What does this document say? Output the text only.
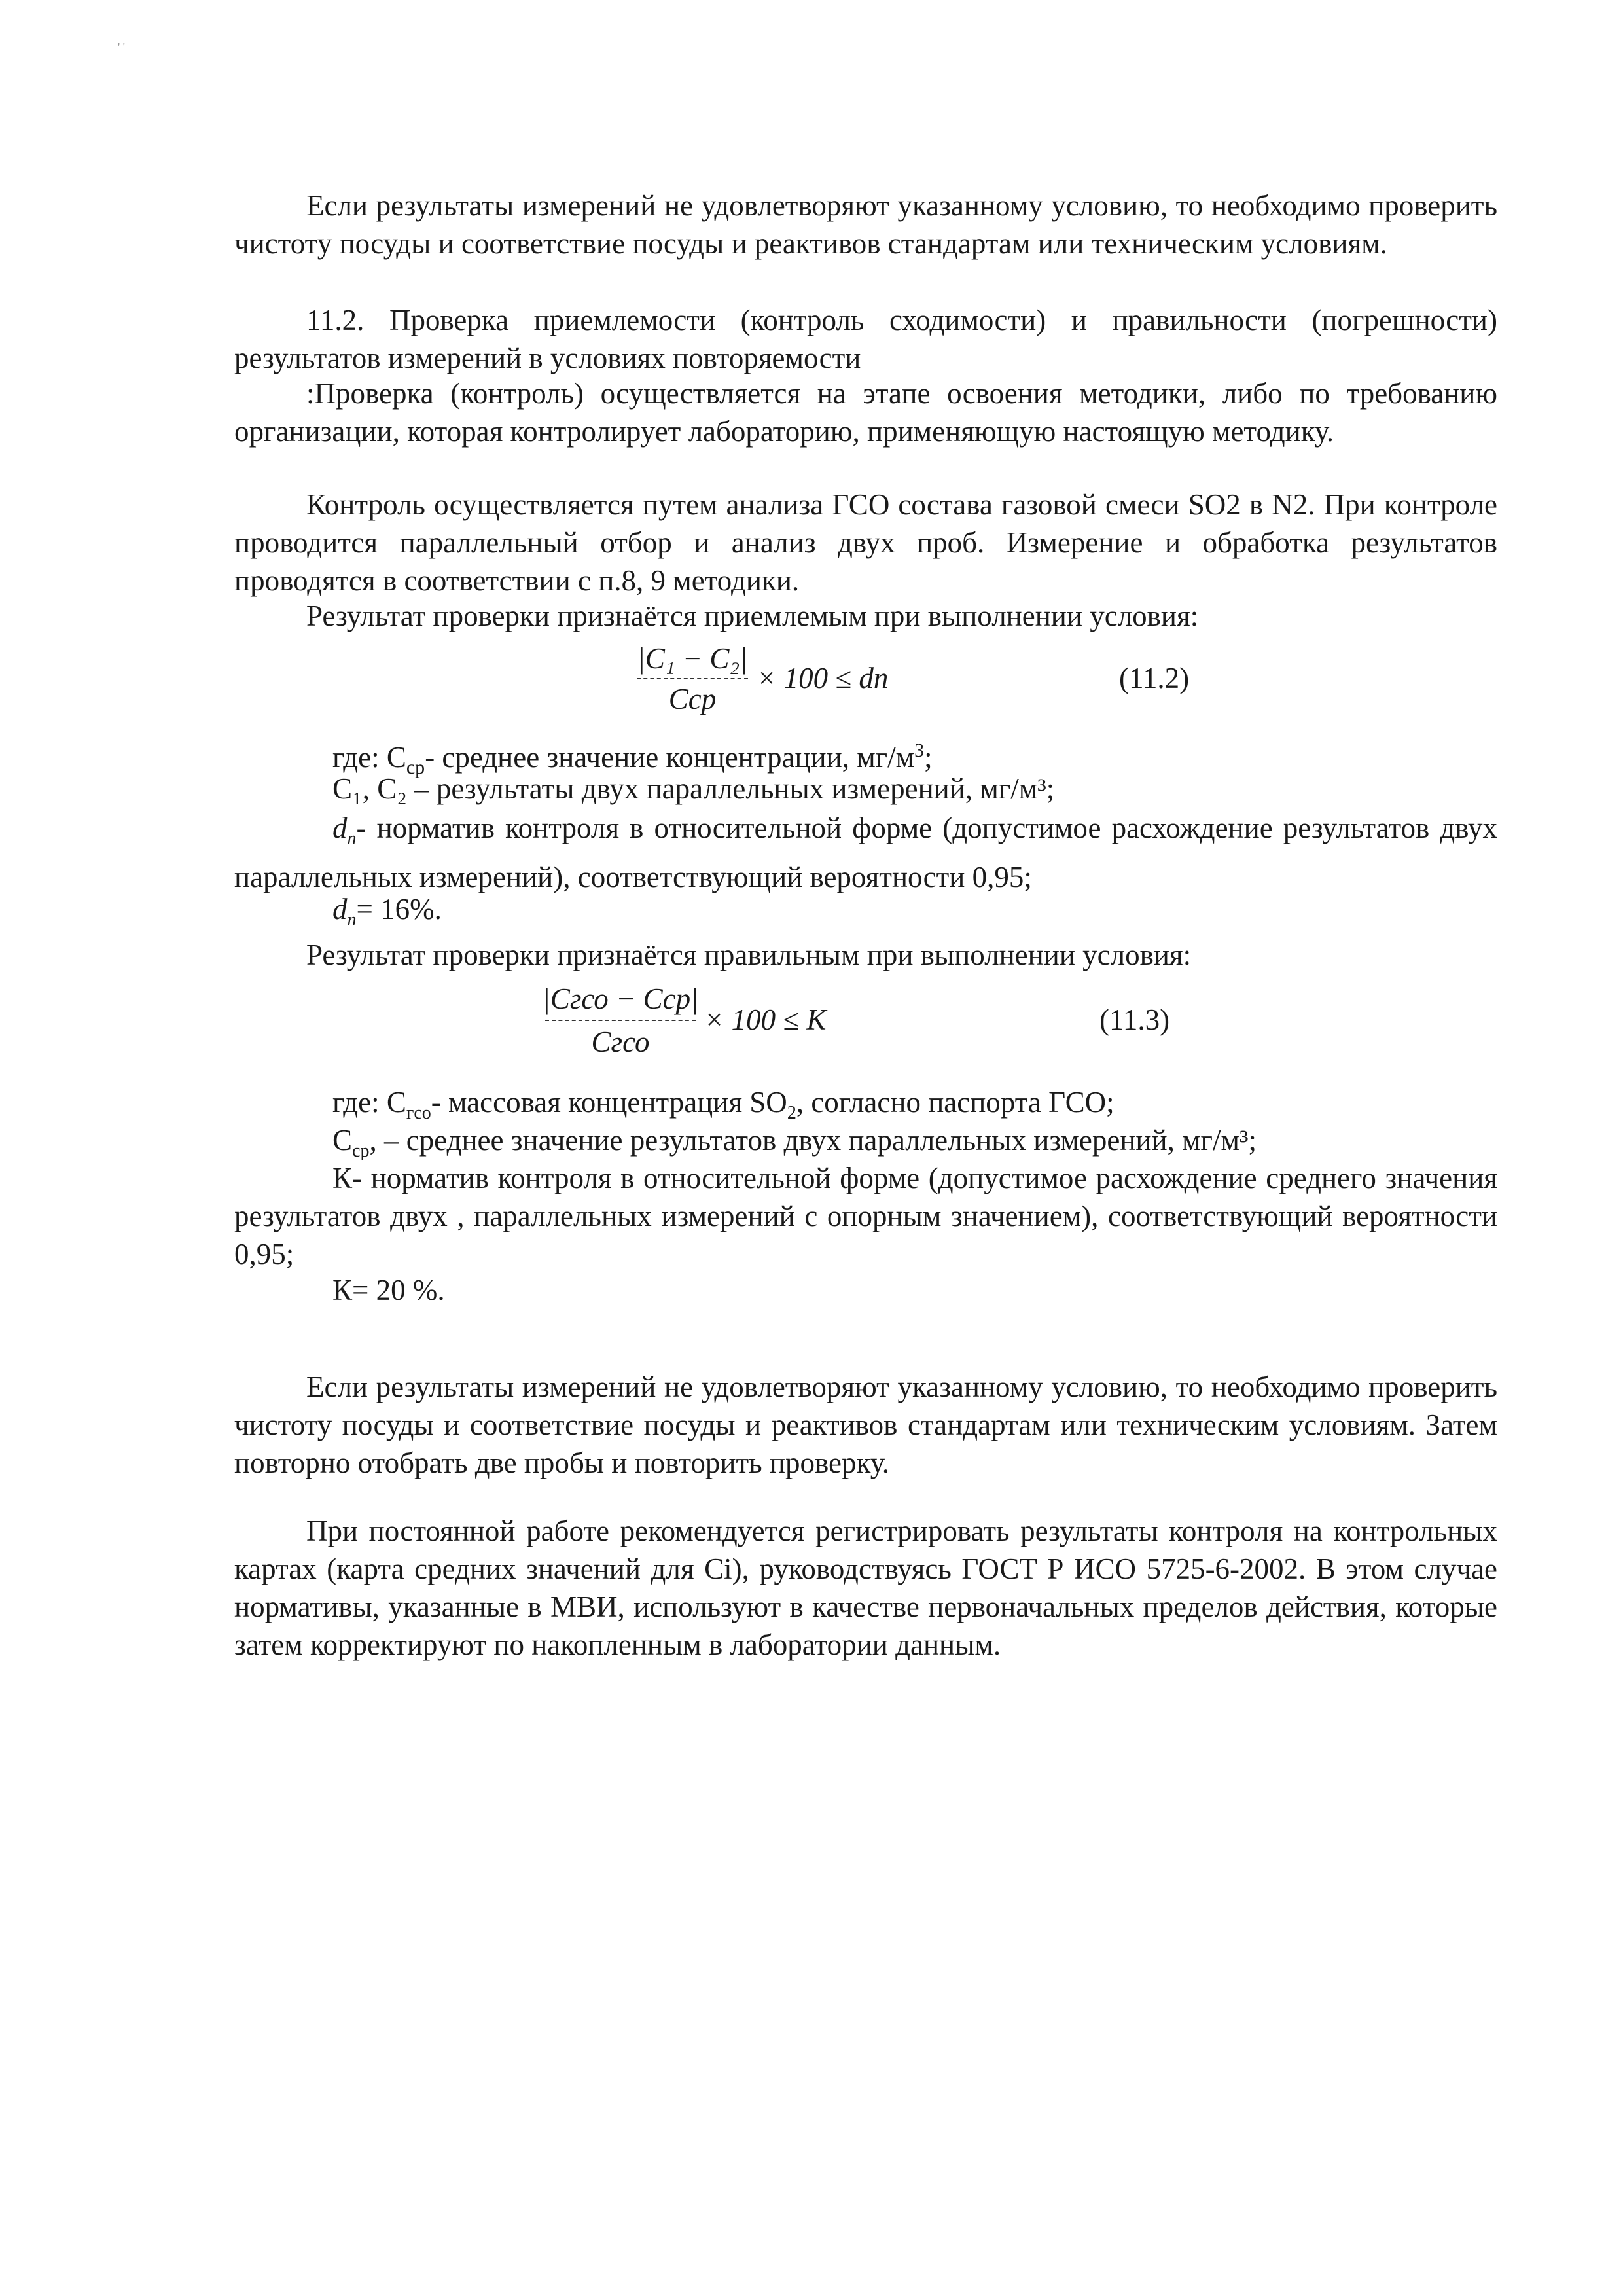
' '

Если результаты измерений не удовлетворяют указанному условию, то необходимо проверить чистоту посуды и соответствие посуды и реактивов стандартам или техническим условиям.

11.2. Проверка приемлемости (контроль сходимости) и правильности (погрешности) результатов измерений в условиях повторяемости

:Проверка (контроль) осуществляется на этапе освоения методики, либо по требованию организации, которая контролирует лабораторию, применяющую настоящую методику.

Контроль осуществляется путем анализа ГСО состава газовой смеси SO2 в N2. При контроле проводится параллельный отбор и анализ двух проб. Измерение и обработка результатов проводятся в соответствии с п.8, 9 методики.

Результат проверки признаётся приемлемым при выполнении условия:
|C₁ − C₂|
Cср
× 100 ≤ dп	(11.2)
где: $С_{ср}-$ среднее значение концентрации, $мг/м^3$;
С₁, С₂ – результаты двух параллельных измерений, мг/м³;

$d_п-$ норматив контроля в относительной форме (допустимое расхождение результатов двух параллельных измерений), соответствующий вероятности 0,95;

$d_п= 16\%$.
Результат проверки признаётся правильным при выполнении условия:
|Cгсо − Cср|
Cгсо
× 100 ≤ K	(11.3)
где: $С_{гсо}-$ массовая концентрация $SO_2$, согласно паспорта ГСО;
$С_{ср}$, – среднее значение результатов двух параллельных измерений, мг/м³;

К- норматив контроля в относительной форме (допустимое расхождение среднего значения результатов двух , параллельных измерений с опорным значением), соответствующий вероятности 0,95;

К= 20 %.

Если результаты измерений не удовлетворяют указанному условию, то необходимо проверить чистоту посуды и соответствие посуды и реактивов стандартам или техническим условиям. Затем повторно отобрать две пробы и повторить проверку.

При постоянной работе рекомендуется регистрировать результаты контроля на контрольных картах (карта средних значений для Ci), руководствуясь ГОСТ Р ИСО 5725-6-2002. В этом случае нормативы, указанные в МВИ, используют в качестве первоначальных пределов действия, которые затем корректируют по накопленным в лаборатории данным.
